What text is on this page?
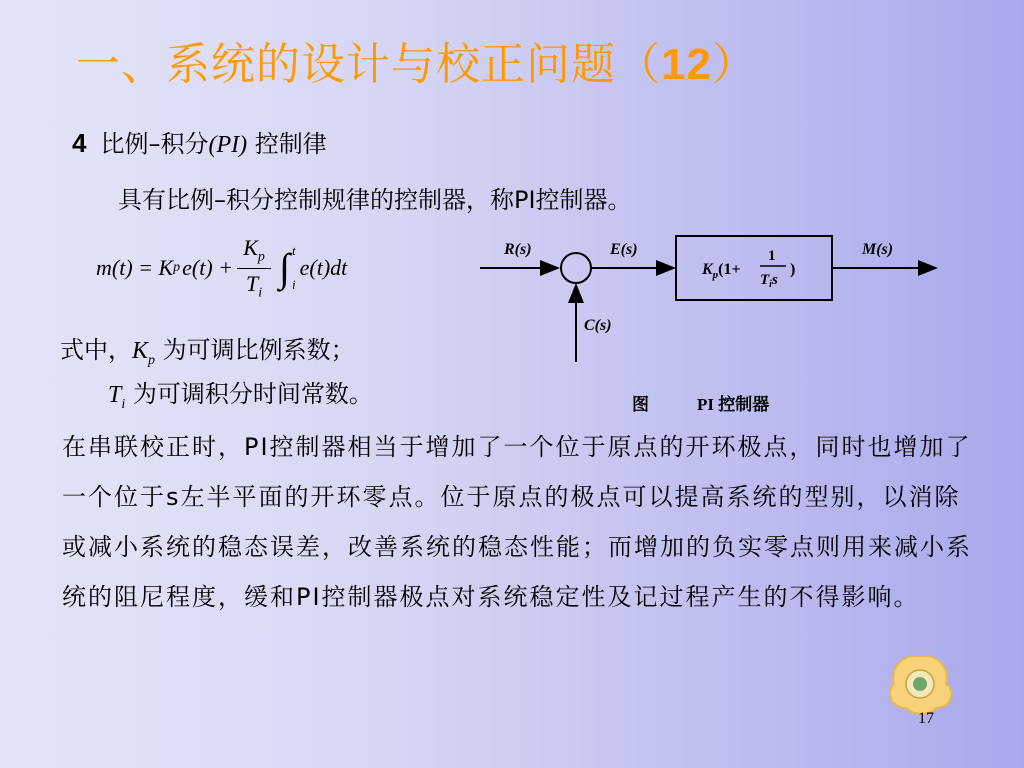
一、系统的设计与校正问题（12）
4 比例–积分(PI) 控制律
具有比例–积分控制规律的控制器，称PI控制器。
m(t) = K p $e(t) + \frac{K_p}{T_i}$ ∫ t
i
e(t)dt
R(s)	E(s)
$K_p(1+$
1
$T_is$
)
M(s)
C(s)
图	PI 控制器
式中，$K_p$ 为可调比例系数；
$T_i$ 为可调积分时间常数。

在串联校正时，PI控制器相当于增加了一个位于原点的开环极点，同时也增加了一个位于s左半平面的开环零点。位于原点的极点可以提高系统的型别，以消除或减小系统的稳态误差，改善系统的稳态性能；而增加的负实零点则用来减小系统的阻尼程度，缓和PI控制器极点对系统稳定性及记过程产生的不得影响。

17
